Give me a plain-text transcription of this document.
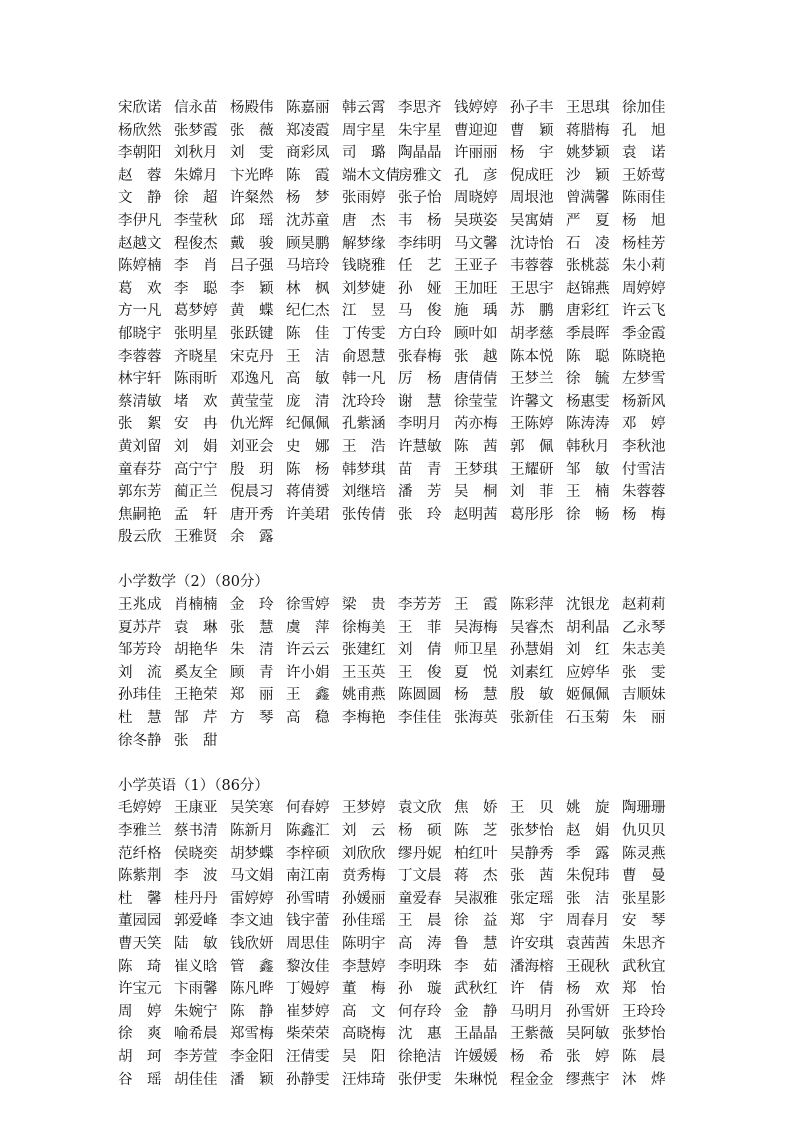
宋欣诺 信永苗 杨殿伟 陈嘉丽 韩云霄 李思齐 钱婷婷 孙子丰 王思琪 徐加佳
杨欣然 张梦霞 张　薇 郑凌霞 周宇星 朱宇星 曹迎迎 曹　颖 蒋腊梅 孔　旭
李朝阳 刘秋月 刘　雯 商彩凤 司　璐 陶晶晶 许丽丽 杨　宇 姚梦颖 袁　诺
赵　蓉 朱嫦月 卞光晔 陈　霞 端木文倩
房雅文 孔　彦 倪成旺 沙　颖 王娇莺
文　静 徐　超 许粲然 杨　梦 张雨婷 张子怡 周晓婷 周垠池 曾满馨 陈雨佳
李伊凡 李莹秋 邱　瑶 沈苏童 唐　杰 韦　杨 吴瑛姿 吴寓婧 严　夏 杨　旭
赵越文 程俊杰 戴　骏 顾昊鹏 解梦缘 李纬明 马文馨 沈诗怡 石　凌 杨桂芳
陈婷楠 李　肖 吕子强 马培玲 钱晓雅 任　艺 王亚子 韦蓉蓉 张桃蕊 朱小莉
葛　欢 李　聪 李　颖 林　枫 刘梦婕 孙　娅 王加旺 王思宇 赵锦燕 周婷婷
方一凡 葛梦婷 黄　蝶 纪仁杰 江　昱 马　俊 施　瑀 苏　鹏 唐彩红 许云飞
郁晓宇 张明星 张跃键 陈　佳 丁传雯 方白玲 顾叶如 胡孝慈 季晨晖 季金霞
李蓉蓉 齐晓星 宋克丹 王　洁 俞恩慧 张春梅 张　越 陈本悦 陈　聪 陈晓艳
林宇轩 陈雨昕 邓逸凡 高　敏 韩一凡 厉　杨 唐倩倩 王梦兰 徐　毓 左梦雪
蔡清敏 堵　欢 黄莹莹 庞　清 沈玲玲 谢　慧 徐莹莹 许馨文 杨惠雯 杨新风
张　絮 安　冉 仇光辉 纪佩佩 孔紫涵 李明月 芮亦梅 王陈婷 陈涛涛 邓　婷
黄刘留 刘　娟 刘亚会 史　娜 王　浩 许慧敏 陈　茜 郭　佩 韩秋月 李秋池
童春芬 高宁宁 殷　玥 陈　杨 韩梦琪 苗　青 王梦琪 王耀研 邹　敏 付雪洁
郭东芳 蔺正兰 倪晨习 蒋倩赟 刘继培 潘　芳 吴　桐 刘　菲 王　楠 朱蓉蓉
焦嗣艳 孟　轩 唐开秀 许美珺 张传倩 张　玲 赵明茜 葛彤彤 徐　畅 杨　梅
殷云欣 王雅贤 余　露
小学数学（2）（80分）
王兆成 肖楠楠 金　玲 徐雪婷 梁　贵 李芳芳 王　霞 陈彩萍 沈银龙 赵莉莉
夏苏芹 袁　琳 张　慧 虞　萍 徐梅美 王　菲 吴海梅 吴睿杰 胡利晶 乙永琴
邹芳玲 胡艳华 朱　清 许云云 张建红 刘　倩 师卫星 孙慧娟 刘　红 朱志美
刘　流 奚友全 顾　青 许小娟 王玉英 王　俊 夏　悦 刘素红 应婷华 张　雯
孙玮佳 王艳荣 郑　丽 王　鑫 姚甫燕 陈圆圆 杨　慧 殷　敏 姬佩佩 吉顺妹
杜　慧 郜　芹 方　琴 高　稳 李梅艳 李佳佳 张海英 张新佳 石玉菊 朱　丽
徐冬静 张　甜
小学英语（1）（86分）
毛婷婷 王康亚 吴笑寒 何春婷 王梦婷 袁文欣 焦　娇 王　贝 姚　旋 陶珊珊
李雅兰 蔡书清 陈新月 陈鑫汇 刘　云 杨　硕 陈　芝 张梦怡 赵　娟 仇贝贝
范纤格 侯晓奕 胡梦蝶 李梓硕 刘欣欣 缪丹妮 柏红叶 吴静秀 季　露 陈灵燕
陈紫荆 李　波 马文娟 南江南 贲秀梅 丁文晨 蒋　杰 张　茜 朱倪玮 曹　曼
杜　馨 桂丹丹 雷婷婷 孙雪晴 孙媛丽 童爱春 吴淑雅 张定瑶 张　洁 张星影
董园园 郭爱峰 李文迪 钱宇蕾 孙佳瑶 王　晨 徐　益 郑　宇 周春月 安　琴
曹天笑 陆　敏 钱欣妍 周思佳 陈明宇 高　涛 鲁　慧 许安琪 袁茜茜 朱思齐
陈　琦 崔义晗 管　鑫 黎汝佳 李慧婷 李明珠 李　茹 潘海榕 王砚秋 武秋宜
许宝元 卞雨馨 陈凡晔 丁嫚婷 董　梅 孙　璇 武秋红 许　倩 杨　欢 郑　怡
周　婷 朱婉宁 陈　静 崔梦婷 高　文 何存玲 金　静 马明月 孙雪妍 王玲玲
徐　爽 喻希晨 郑雪梅 柴荣荣 高晓梅 沈　惠 王晶晶 王紫薇 吴阿敏 张梦怡
胡　珂 李芳萱 李金阳 汪倩雯 吴　阳 徐艳洁 许媛媛 杨　希 张　婷 陈　晨
谷　瑶 胡佳佳 潘　颖 孙静雯 汪炜琦 张伊雯 朱琳悦 程金金 缪燕宇 沐　烨
